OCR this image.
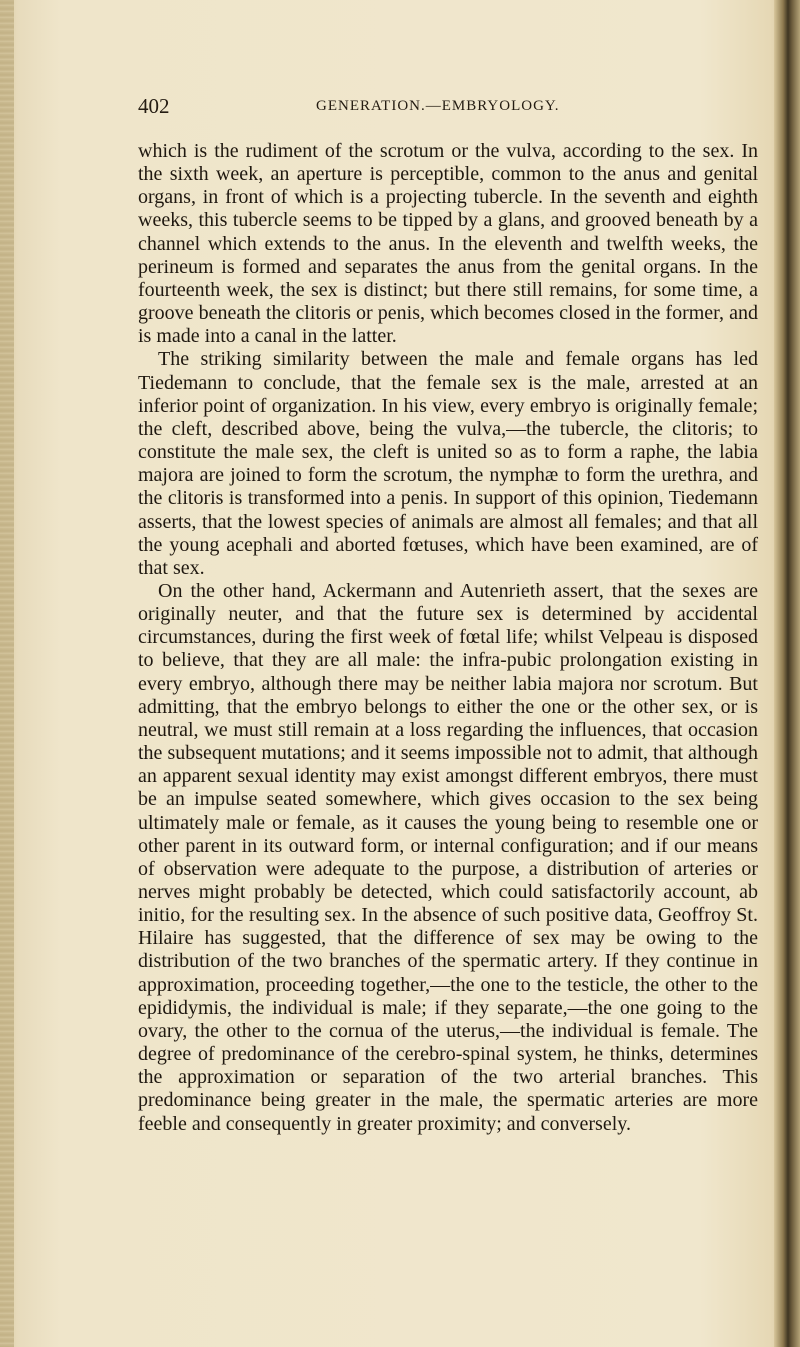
402	GENERATION.—EMBRYOLOGY.

which is the rudiment of the scrotum or the vulva, according to the sex. In the sixth week, an aperture is perceptible, common to the anus and genital organs, in front of which is a projecting tubercle. In the seventh and eighth weeks, this tubercle seems to be tipped by a glans, and grooved beneath by a channel which extends to the anus. In the eleventh and twelfth weeks, the perineum is formed and separates the anus from the genital organs. In the fourteenth week, the sex is distinct; but there still remains, for some time, a groove beneath the clitoris or penis, which becomes closed in the former, and is made into a canal in the latter.

The striking similarity between the male and female organs has led Tiedemann to conclude, that the female sex is the male, arrested at an inferior point of organization. In his view, every embryo is originally female; the cleft, described above, being the vulva,—the tubercle, the clitoris; to constitute the male sex, the cleft is united so as to form a raphe, the labia majora are joined to form the scrotum, the nymphæ to form the urethra, and the clitoris is transformed into a penis. In support of this opinion, Tiedemann asserts, that the lowest species of animals are almost all females; and that all the young acephali and aborted fœtuses, which have been examined, are of that sex.

On the other hand, Ackermann and Autenrieth assert, that the sexes are originally neuter, and that the future sex is determined by accidental circumstances, during the first week of fœtal life; whilst Velpeau is disposed to believe, that they are all male: the infra-pubic prolongation existing in every embryo, although there may be neither labia majora nor scrotum. But admitting, that the embryo belongs to either the one or the other sex, or is neutral, we must still remain at a loss regarding the influences, that occasion the subsequent mutations; and it seems impossible not to admit, that although an apparent sexual identity may exist amongst different embryos, there must be an impulse seated somewhere, which gives occasion to the sex being ultimately male or female, as it causes the young being to resemble one or other parent in its outward form, or internal configuration; and if our means of observation were adequate to the purpose, a distribution of arteries or nerves might probably be detected, which could satisfactorily account, ab initio, for the resulting sex. In the absence of such positive data, Geoffroy St. Hilaire has suggested, that the difference of sex may be owing to the distribution of the two branches of the spermatic artery. If they continue in approximation, proceeding together,—the one to the testicle, the other to the epididymis, the individual is male; if they separate,—the one going to the ovary, the other to the cornua of the uterus,—the individual is female. The degree of predominance of the cerebro-spinal system, he thinks, determines the approximation or separation of the two arterial branches. This predominance being greater in the male, the spermatic arteries are more feeble and consequently in greater proximity; and conversely.
